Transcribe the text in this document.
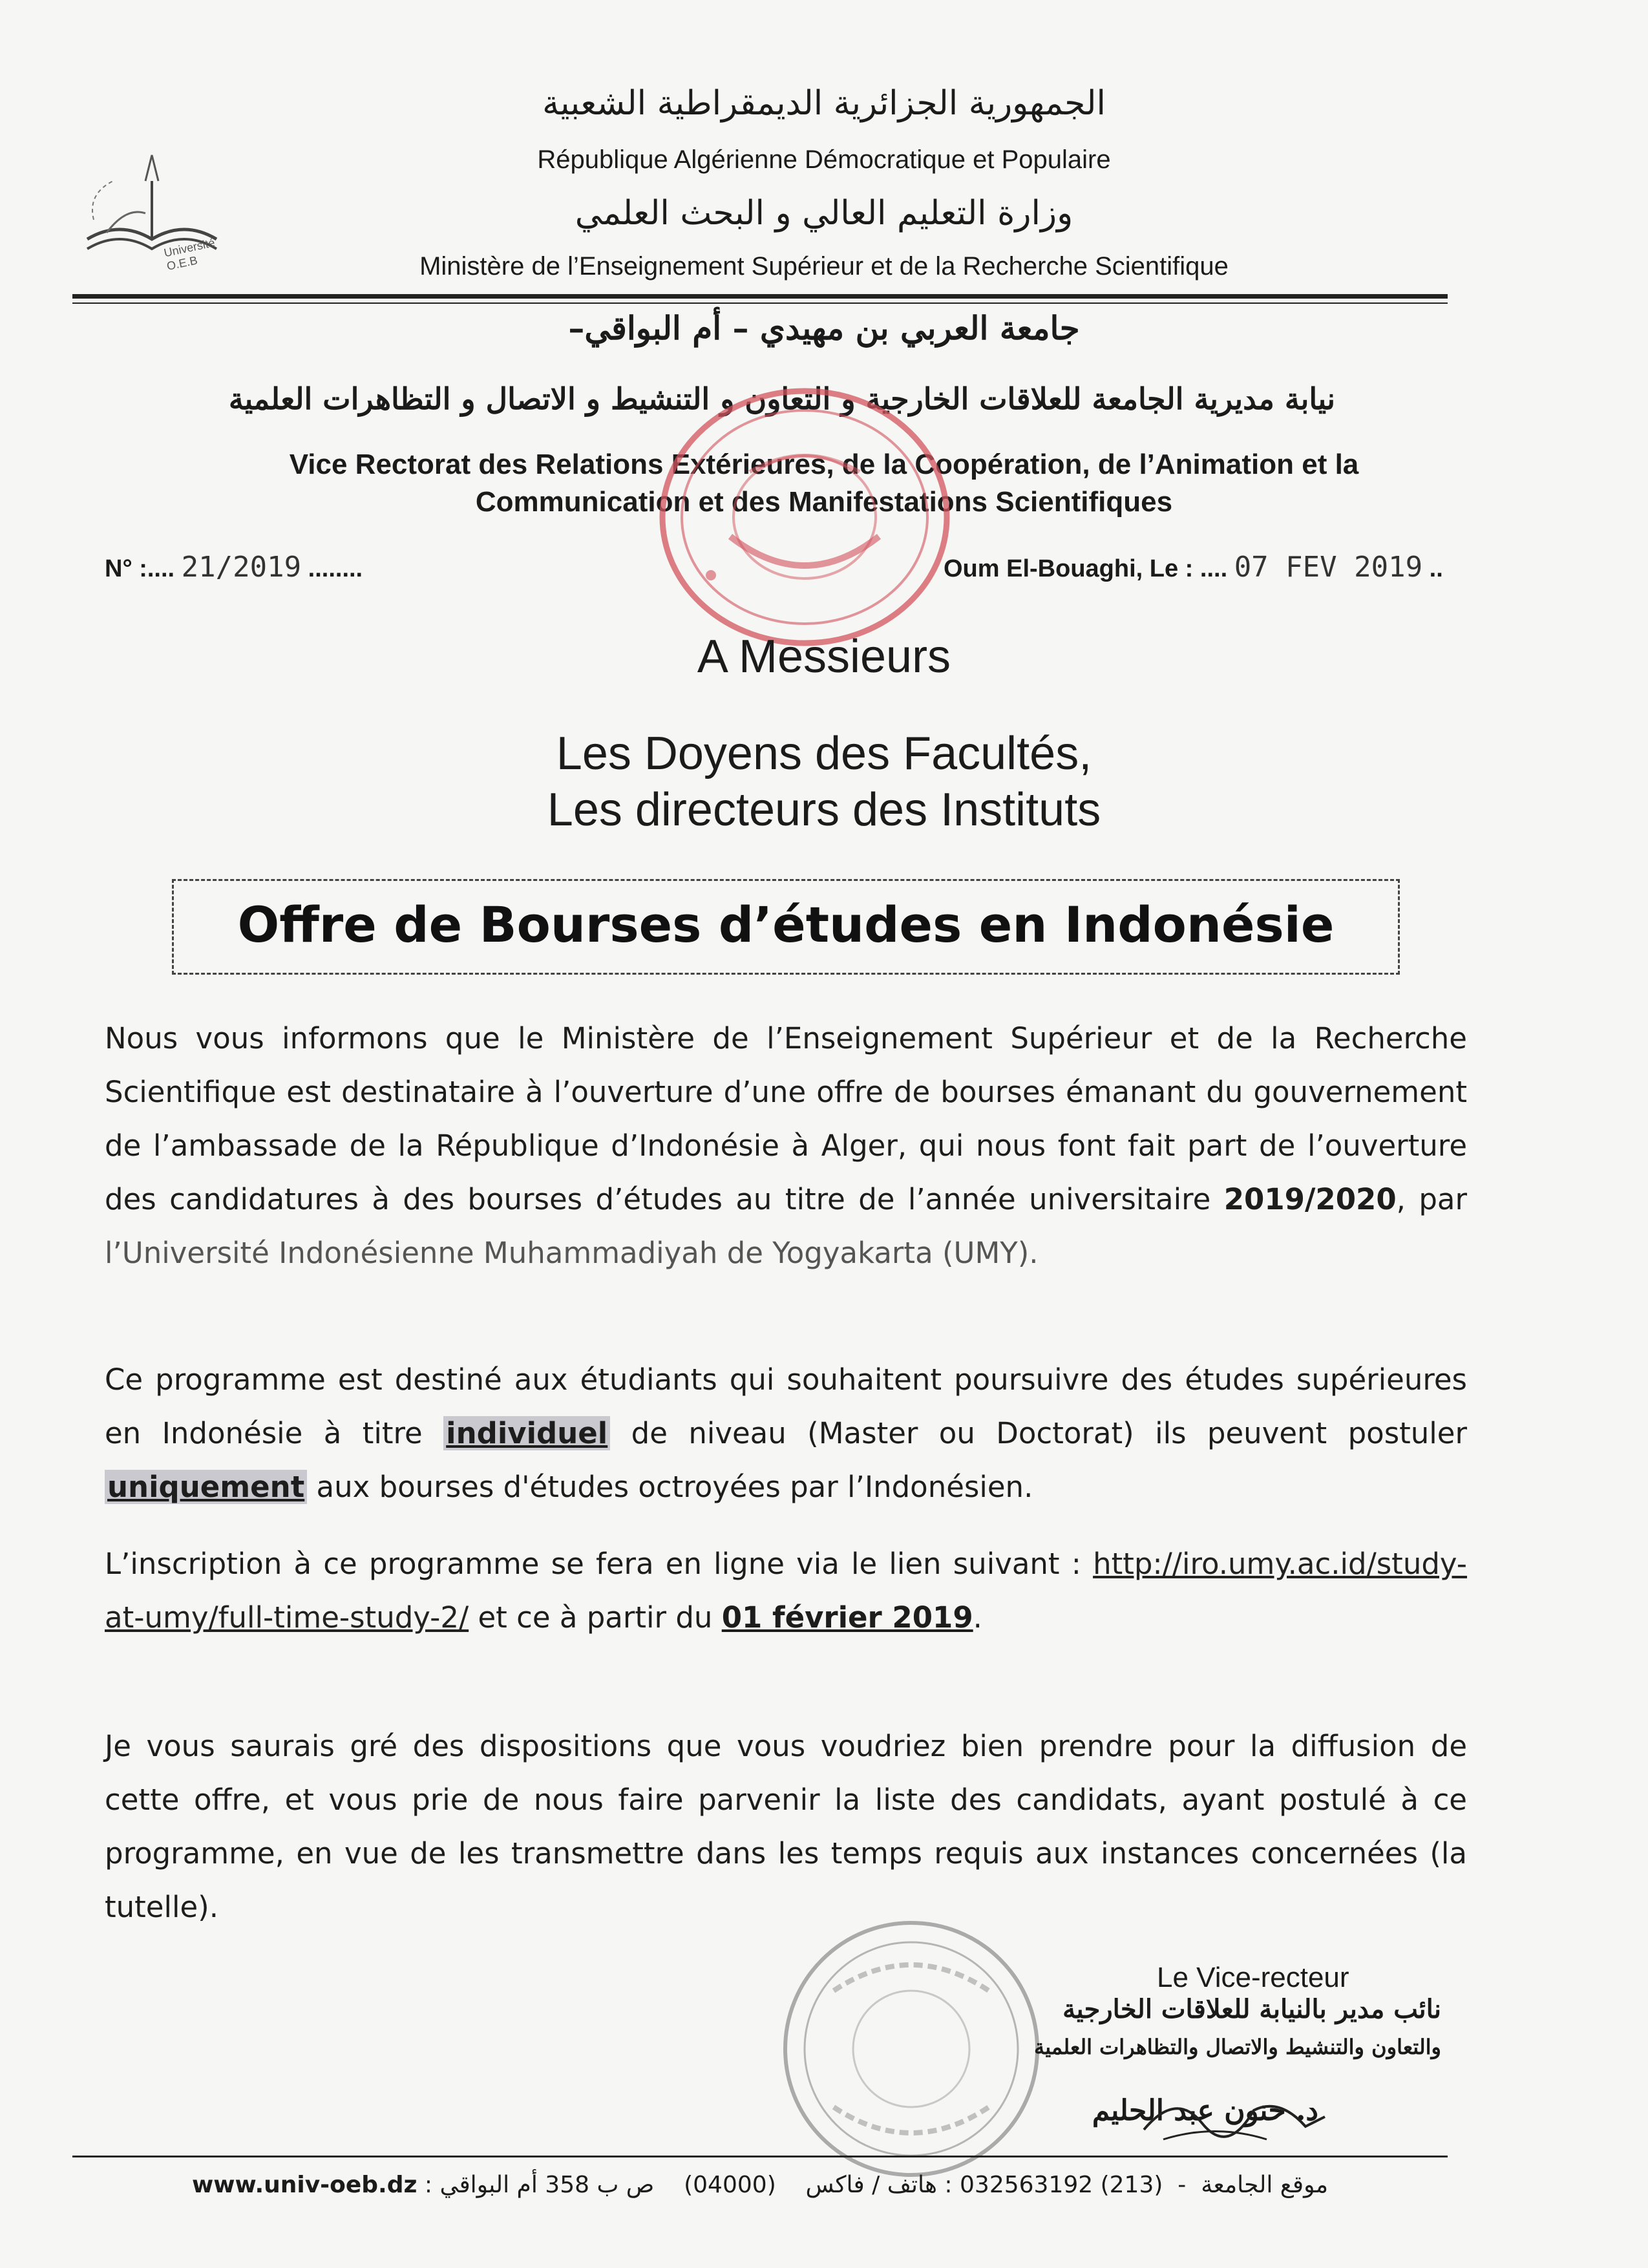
Université O.E.B
الجمهورية الجزائرية الديمقراطية الشعبية
République Algérienne Démocratique et Populaire
وزارة التعليم العالي و البحث العلمي
Ministère de l’Enseignement Supérieur et de la Recherche Scientifique
جامعة العربي بن مهيدي – أم البواقي–
نيابة مديرية الجامعة للعلاقات الخارجية و التعاون و التنشيط و الاتصال و التظاهرات العلمية
Vice Rectorat des Relations Extérieures, de la Coopération, de l’Animation et la
Communication et des Manifestations Scientifiques
N° :.... 21/2019 ........	Oum El-Bouaghi, Le : .... 07 FEV 2019 ..
A Messieurs
Les Doyens des Facultés,
Les directeurs des Instituts
Offre de Bourses d’études en Indonésie
Nous vous informons que le Ministère de l’Enseignement Supérieur et de la Recherche Scientifique est destinataire à l’ouverture d’une offre de bourses émanant du gouvernement de l’ambassade de la République d’Indonésie à Alger, qui nous font fait part de l’ouverture des candidatures à des bourses d’études au titre de l’année universitaire 2019/2020, par l’Université Indonésienne Muhammadiyah de Yogyakarta (UMY).
Ce programme est destiné aux étudiants qui souhaitent poursuivre des études supérieures en Indonésie à titre individuel de niveau (Master ou Doctorat) ils peuvent postuler uniquement aux bourses d'études octroyées par l’Indonésien.
L’inscription à ce programme se fera en ligne via le lien suivant : http://iro.umy.ac.id/study-at-umy/full-time-study-2/ et ce à partir du 01 février 2019.
Je vous saurais gré des dispositions que vous voudriez bien prendre pour la diffusion de cette offre, et vous prie de nous faire parvenir la liste des candidats, ayant postulé à ce programme, en vue de les transmettre dans les temps requis aux instances concernées (la tutelle).
Le Vice-recteur
نائب مدير بالنيابة للعلاقات الخارجية
والتعاون والتنشيط والاتصال والتظاهرات العلمية
د. حنون عبد الحليم
www.univ-oeb.dz : موقع الجامعة  -  (213) 032563192 : هاتف / فاكس    (04000)    ص ب 358 أم البواقي
